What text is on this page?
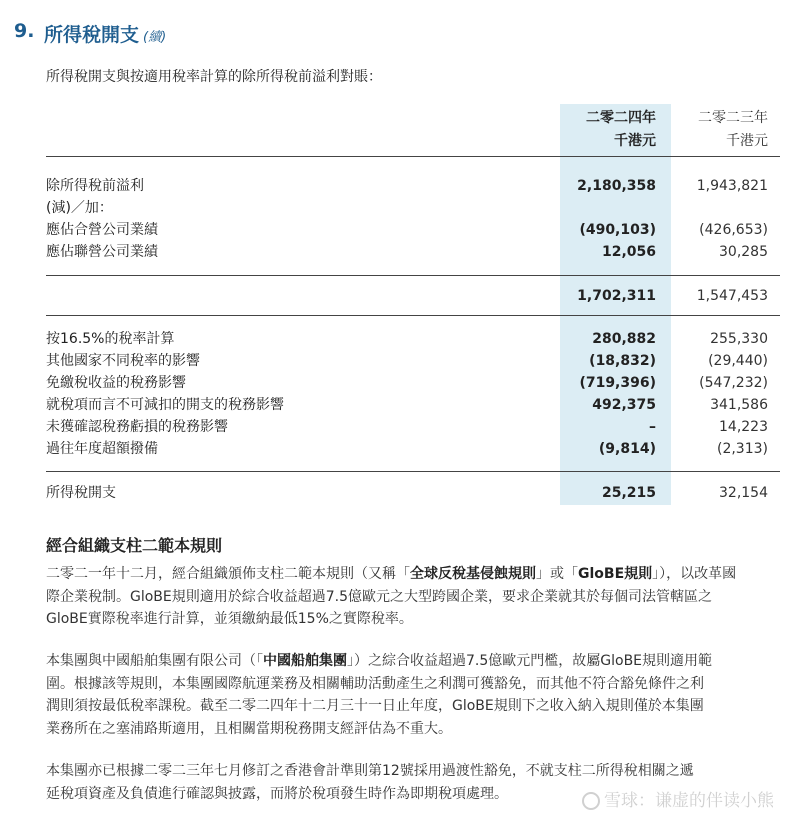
9. 所得稅開支 (續)
所得稅開支與按適用稅率計算的除所得稅前溢利對賬：
二零二四年
千港元
二零二三年
千港元
除所得稅前溢利	2,180,358	1,943,821
(減)／加：
應佔合營公司業績	(490,103)	(426,653)
應佔聯營公司業績	12,056	30,285
1,702,311	1,547,453
按16.5%的稅率計算	280,882	255,330
其他國家不同稅率的影響	(18,832)	(29,440)
免繳稅收益的稅務影響	(719,396)	(547,232)
就稅項而言不可減扣的開支的稅務影響	492,375	341,586
未獲確認稅務虧損的稅務影響	–	14,223
過往年度超額撥備	(9,814)	(2,313)
所得稅開支	25,215	32,154
經合組織支柱二範本規則
二零二一年十二月，經合組織頒佈支柱二範本規則（又稱「全球反稅基侵蝕規則」或「GloBE規則」），以改革國
際企業稅制。GloBE規則適用於綜合收益超過7.5億歐元之大型跨國企業，要求企業就其於每個司法管轄區之
GloBE實際稅率進行計算，並須繳納最低15%之實際稅率。
本集團與中國船舶集團有限公司（「中國船舶集團」）之綜合收益超過7.5億歐元門檻，故屬GloBE規則適用範
圍。根據該等規則，本集團國際航運業務及相關輔助活動產生之利潤可獲豁免，而其他不符合豁免條件之利
潤則須按最低稅率課稅。截至二零二四年十二月三十一日止年度，GloBE規則下之收入納入規則僅於本集團
業務所在之塞浦路斯適用，且相關當期稅務開支經評估為不重大。
本集團亦已根據二零二三年七月修訂之香港會計準則第12號採用過渡性豁免，不就支柱二所得稅相關之遞
延稅項資產及負債進行確認與披露，而將於稅項發生時作為即期稅項處理。	雪球：谦虚的伴读小熊
